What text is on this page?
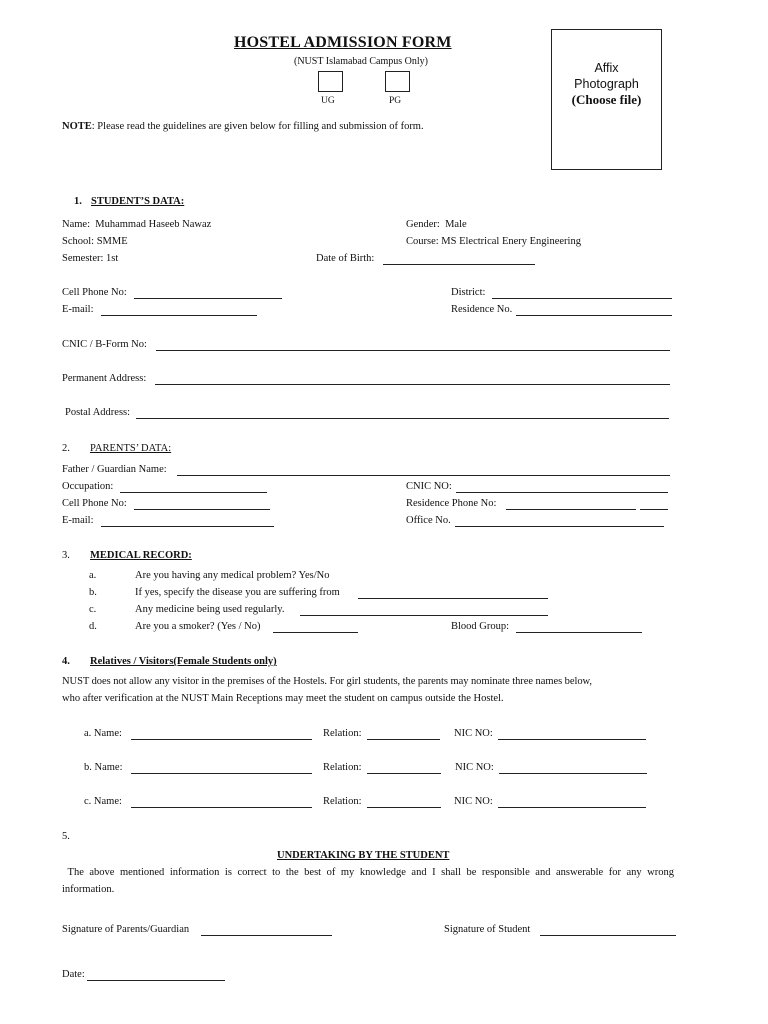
HOSTEL ADMISSION FORM
(NUST Islamabad Campus Only)
UG	PG
NOTE: Please read the guidelines are given below for filling and submission of form.
Affix
Photograph
(Choose file)
1. STUDENT’S DATA:
Name: Muhammad Haseeb Nawaz	Gender: Male
School: SMME	Course: MS Electrical Enery Engineering
Semester: 1st	Date of Birth:
Cell Phone No:	District:
E-mail:	Residence No.
CNIC / B-Form No:
Permanent Address:
Postal Address:
2. PARENTS’ DATA:
Father / Guardian Name:
Occupation:	CNIC NO:
Cell Phone No:	Residence Phone No:
E-mail:	Office No.
3. MEDICAL RECORD:
a.	Are you having any medical problem? Yes/No
b.	If yes, specify the disease you are suffering from
c.	Any medicine being used regularly.
d.	Are you a smoker? (Yes / No)	Blood Group:
4. Relatives / Visitors(Female Students only)
NUST does not allow any visitor in the premises of the Hostels. For girl students, the parents may nominate three names below,
who after verification at the NUST Main Receptions may meet the student on campus outside the Hostel.
a. Name:	Relation:	NIC NO:
b. Name:	Relation:	NIC NO:
c. Name:	Relation:	NIC NO:
5.
UNDERTAKING BY THE STUDENT
The above mentioned information is correct to the best of my knowledge and I shall be responsible and answerable for any wrong
information.
Signature of Parents/Guardian	Signature of Student
Date:
